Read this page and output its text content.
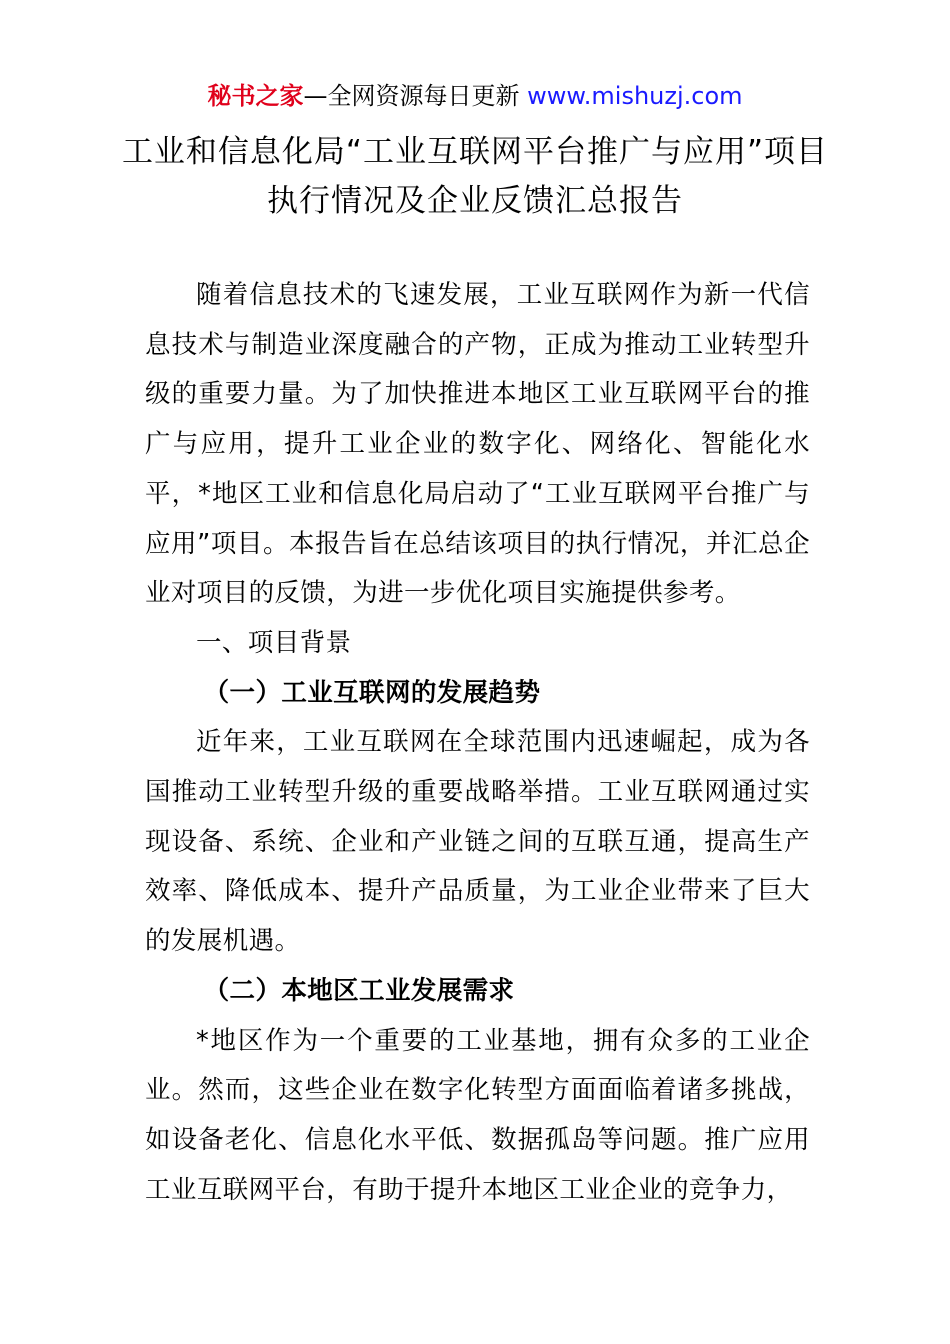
秘书之家—全网资源每日更新 www.mishuzj.com
工业和信息化局“工业互联网平台推广与应用”项目执行情况及企业反馈汇总报告

随着信息技术的飞速发展，工业互联网作为新一代信息技术与制造业深度融合的产物，正成为推动工业转型升级的重要力量。为了加快推进本地区工业互联网平台的推广与应用，提升工业企业的数字化、网络化、智能化水平，*地区工业和信息化局启动了“工业互联网平台推广与应用”项目。本报告旨在总结该项目的执行情况，并汇总企业对项目的反馈，为进一步优化项目实施提供参考。

一、项目背景

（一）工业互联网的发展趋势

近年来，工业互联网在全球范围内迅速崛起，成为各国推动工业转型升级的重要战略举措。工业互联网通过实现设备、系统、企业和产业链之间的互联互通，提高生产效率、降低成本、提升产品质量，为工业企业带来了巨大的发展机遇。

（二）本地区工业发展需求

*地区作为一个重要的工业基地，拥有众多的工业企业。然而，这些企业在数字化转型方面面临着诸多挑战，如设备老化、信息化水平低、数据孤岛等问题。推广应用工业互联网平台，有助于提升本地区工业企业的竞争力，
